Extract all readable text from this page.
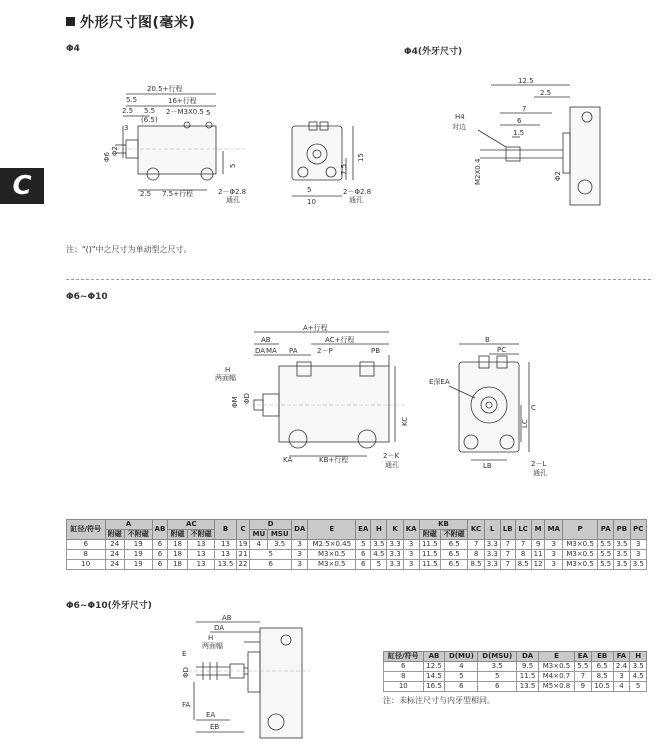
外形尺寸图(毫米)
C
Φ4	Φ4(外牙尺寸)
20.5+行程
5.5	16+行程
2.5 5.5
(6.5)
2－M3X0.5 5
3
Φ6
Φ2
5
2.5 7.5+行程	2－Φ2.8
通孔
7.5
15
5
10
2－Φ2.8
通孔
12.5
2.5
7
6
1.5
H4
对边
M2X0.4	Φ2
注："()"中之尺寸为单动型之尺寸。
Φ6~Φ10
A+行程
AB	AC+行程
DA MA PA	2－P	PB
H
两面幅
ΦM ΦD
KC
KA	KB+行程	2－K
通孔
B
PC
E深EA
C
LC
LB	2－L
通孔
缸径/符号	A		AB	AC		B	C	D		DA	E	EA	H	K	KA	KB		KC	L	LB	LC	M	MA	P	PA	PB	PC
	附磁	不附磁		附磁	不附磁			MU	MSU							附磁	不附磁										
6	24	19	6	18	13	13	19	4	3.5	3	M2.5×0.45	5	3.5	3.3	3	11.5	6.5	7	3.3	7	7	9	3	M3×0.5	5.5	3.5	3
8	24	19	6	18	13	13	21	5		3	M3×0.5	6	4.5	3.3	3	11.5	6.5	8	3.3	7	8	11	3	M3×0.5	5.5	3.5	3
10	24	19	6	18	13	13.5	22	6		3	M3×0.5	6	5	3.3	3	11.5	6.5	8.5	3.3	7	8.5	12	3	M3×0.5	5.5	3.5	3.5
Φ6~Φ10(外牙尺寸)
AB
DA
H
两面幅
E
ΦD
FA
EA
EB
缸径/符号	AB	D(MU)	D(MSU)	DA	E	EA	EB	FA	H
6	12.5	4	3.5	9.5	M3×0.5	5.5	6.5	2.4	3.5
8	14.5	5	5	11.5	M4×0.7	7	8.5	3	4.5
10	16.5	6	6	13.5	M5×0.8	9	10.5	4	5
注：未标注尺寸与内牙型相同。
